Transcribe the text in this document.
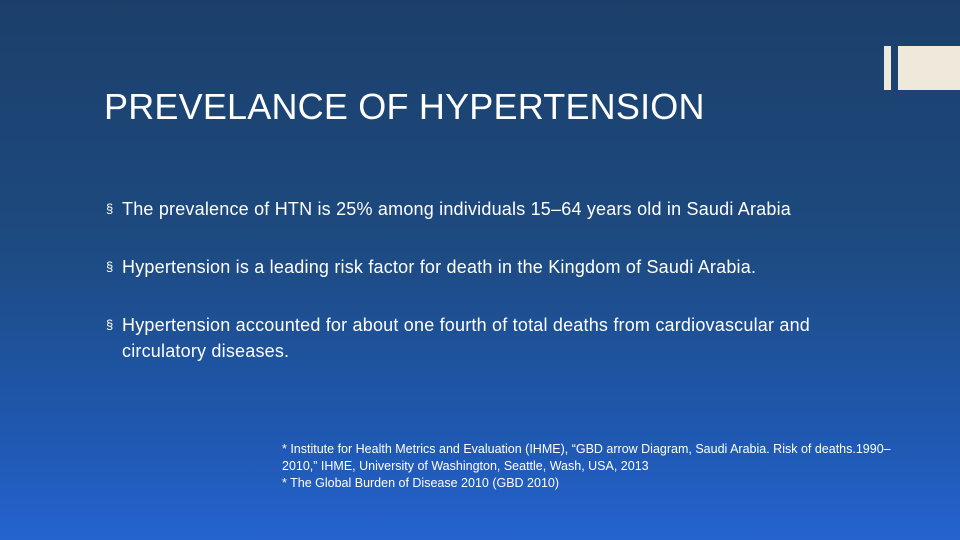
PREVELANCE OF HYPERTENSION
§ The prevalence of HTN is 25% among individuals 15–64 years old in Saudi Arabia
§ Hypertension is a leading risk factor for death in the Kingdom of Saudi Arabia.
§ Hypertension accounted for about one fourth of total deaths from cardiovascular and circulatory diseases.

* Institute for Health Metrics and Evaluation (IHME), “GBD arrow Diagram, Saudi Arabia. Risk of deaths.1990–2010,” IHME, University of Washington, Seattle, Wash, USA, 2013

* The Global Burden of Disease 2010 (GBD 2010)
